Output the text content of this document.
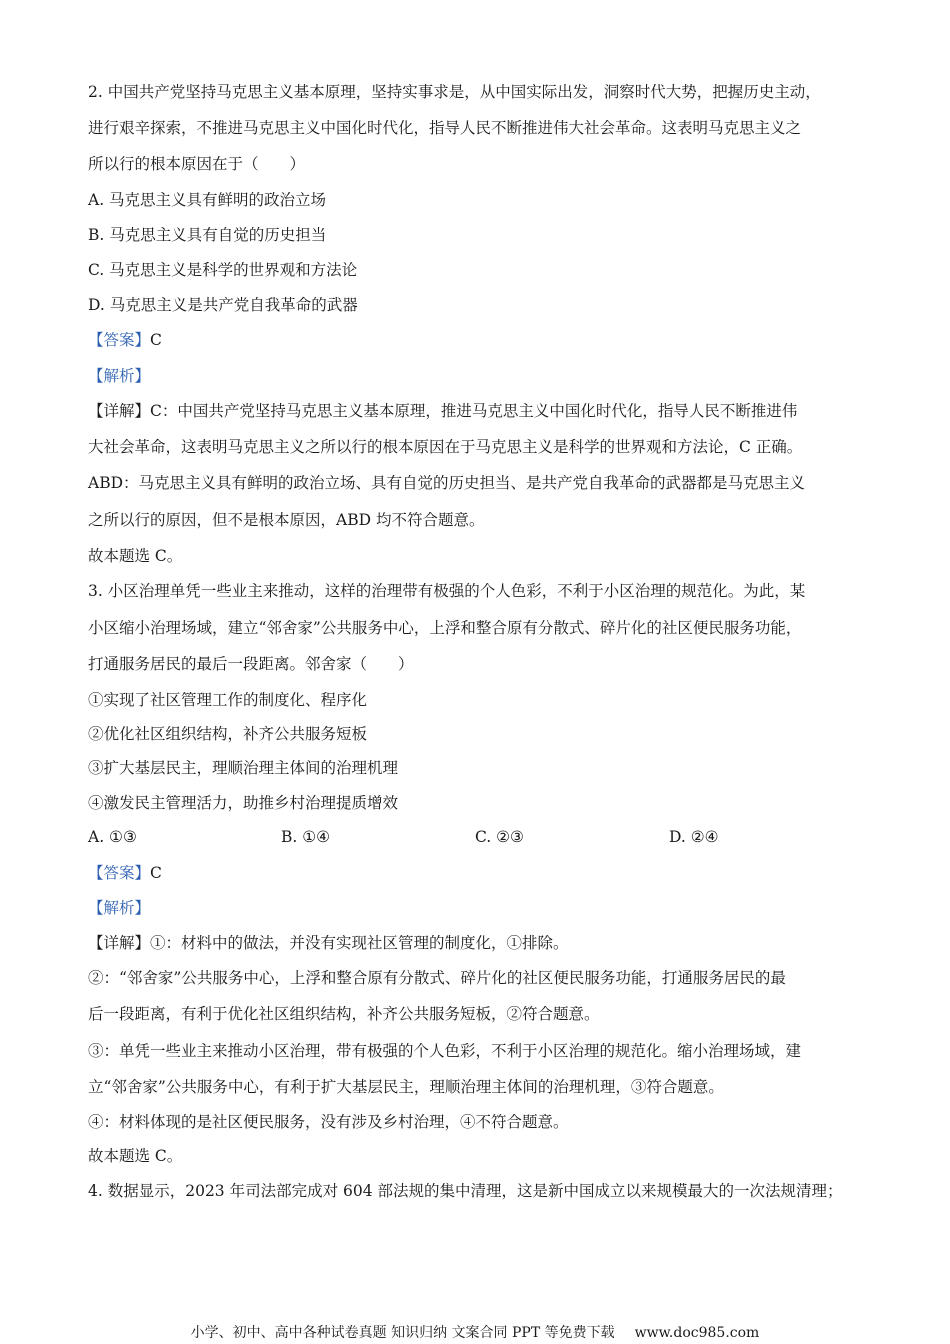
2. 中国共产党坚持马克思主义基本原理，坚持实事求是，从中国实际出发，洞察时代大势，把握历史主动，
进行艰辛探索，不推进马克思主义中国化时代化，指导人民不断推进伟大社会革命。这表明马克思主义之
所以行的根本原因在于（　　）
A. 马克思主义具有鲜明的政治立场
B. 马克思主义具有自觉的历史担当
C. 马克思主义是科学的世界观和方法论
D. 马克思主义是共产党自我革命的武器
【答案】C
【解析】
【详解】C：中国共产党坚持马克思主义基本原理，推进马克思主义中国化时代化，指导人民不断推进伟
大社会革命，这表明马克思主义之所以行的根本原因在于马克思主义是科学的世界观和方法论，C 正确。
ABD：马克思主义具有鲜明的政治立场、具有自觉的历史担当、是共产党自我革命的武器都是马克思主义
之所以行的原因，但不是根本原因，ABD 均不符合题意。
故本题选 C。
3. 小区治理单凭一些业主来推动，这样的治理带有极强的个人色彩，不利于小区治理的规范化。为此，某
小区缩小治理场域，建立“邻舍家”公共服务中心，上浮和整合原有分散式、碎片化的社区便民服务功能，
打通服务居民的最后一段距离。邻舍家（　　）
①实现了社区管理工作的制度化、程序化
②优化社区组织结构，补齐公共服务短板
③扩大基层民主，理顺治理主体间的治理机理
④激发民主管理活力，助推乡村治理提质增效
A. ①③	B. ①④	C. ②③	D. ②④
【答案】C
【解析】
【详解】①：材料中的做法，并没有实现社区管理的制度化，①排除。
②：“邻舍家”公共服务中心，上浮和整合原有分散式、碎片化的社区便民服务功能，打通服务居民的最
后一段距离，有利于优化社区组织结构，补齐公共服务短板，②符合题意。
③：单凭一些业主来推动小区治理，带有极强的个人色彩，不利于小区治理的规范化。缩小治理场域，建
立“邻舍家”公共服务中心，有利于扩大基层民主，理顺治理主体间的治理机理，③符合题意。
④：材料体现的是社区便民服务，没有涉及乡村治理，④不符合题意。
故本题选 C。
4. 数据显示，2023 年司法部完成对 604 部法规的集中清理，这是新中国成立以来规模最大的一次法规清理；
小学、初中、高中各种试卷真题 知识归纳 文案合同 PPT 等免费下载 www.doc985.com
